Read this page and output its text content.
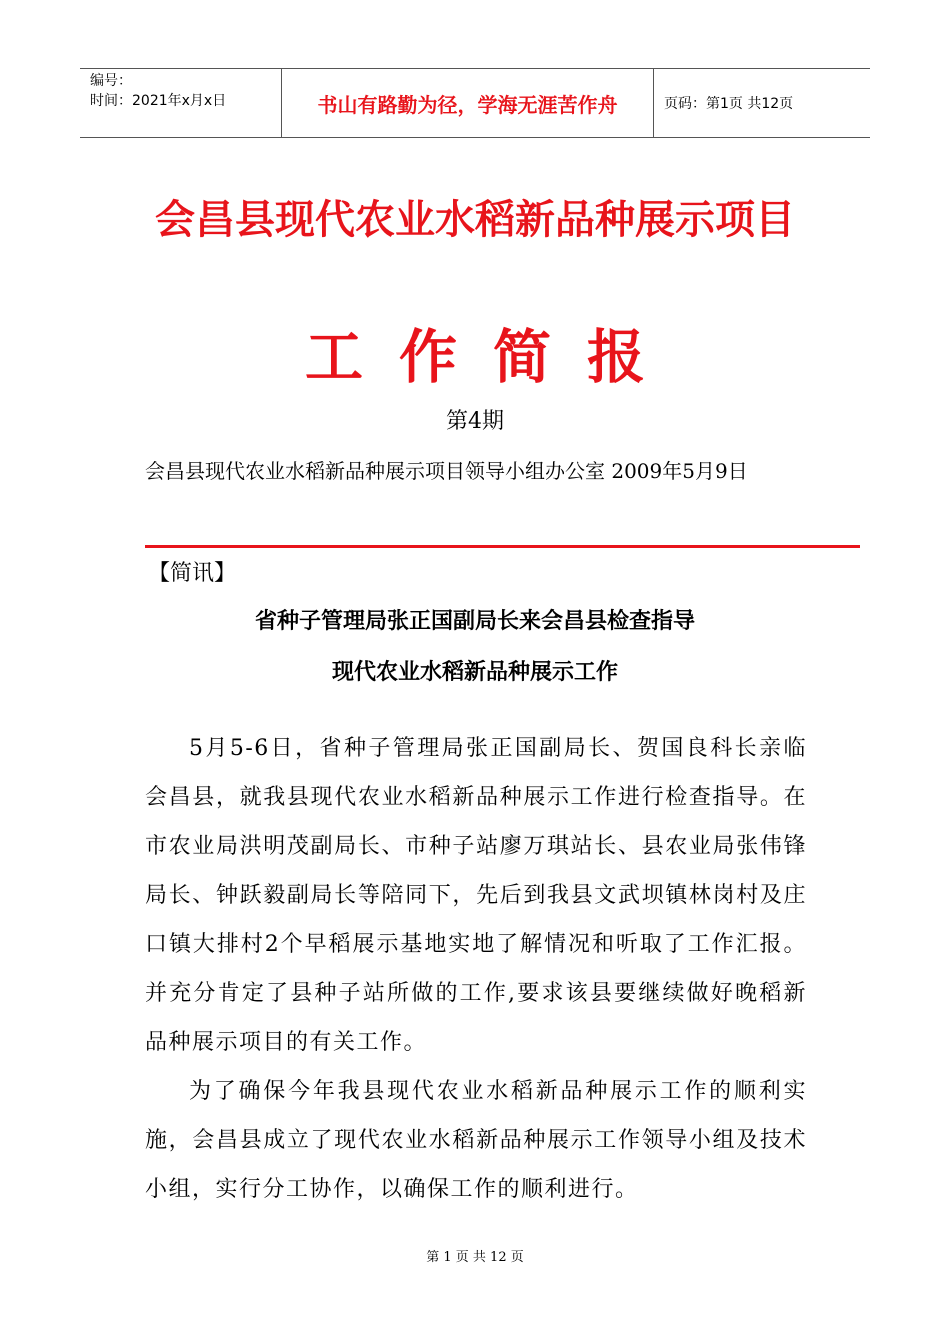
编号：
时间：2021年x月x日	书山有路勤为径，学海无涯苦作舟	页码：第1页 共12页
会昌县现代农业水稻新品种展示项目
工作简报
第4期
会昌县现代农业水稻新品种展示项目领导小组办公室 2009年5月9日
【简讯】
省种子管理局张正国副局长来会昌县检查指导
现代农业水稻新品种展示工作

5月5-6日，省种子管理局张正国副局长、贺国良科长亲临会昌县，就我县现代农业水稻新品种展示工作进行检查指导。在市农业局洪明茂副局长、市种子站廖万琪站长、县农业局张伟锋局长、钟跃毅副局长等陪同下，先后到我县文武坝镇林岗村及庄口镇大排村2个早稻展示基地实地了解情况和听取了工作汇报。并充分肯定了县种子站所做的工作,要求该县要继续做好晚稻新品种展示项目的有关工作。

为了确保今年我县现代农业水稻新品种展示工作的顺利实施，会昌县成立了现代农业水稻新品种展示工作领导小组及技术小组，实行分工协作，以确保工作的顺利进行。

第 1 页 共 12 页
